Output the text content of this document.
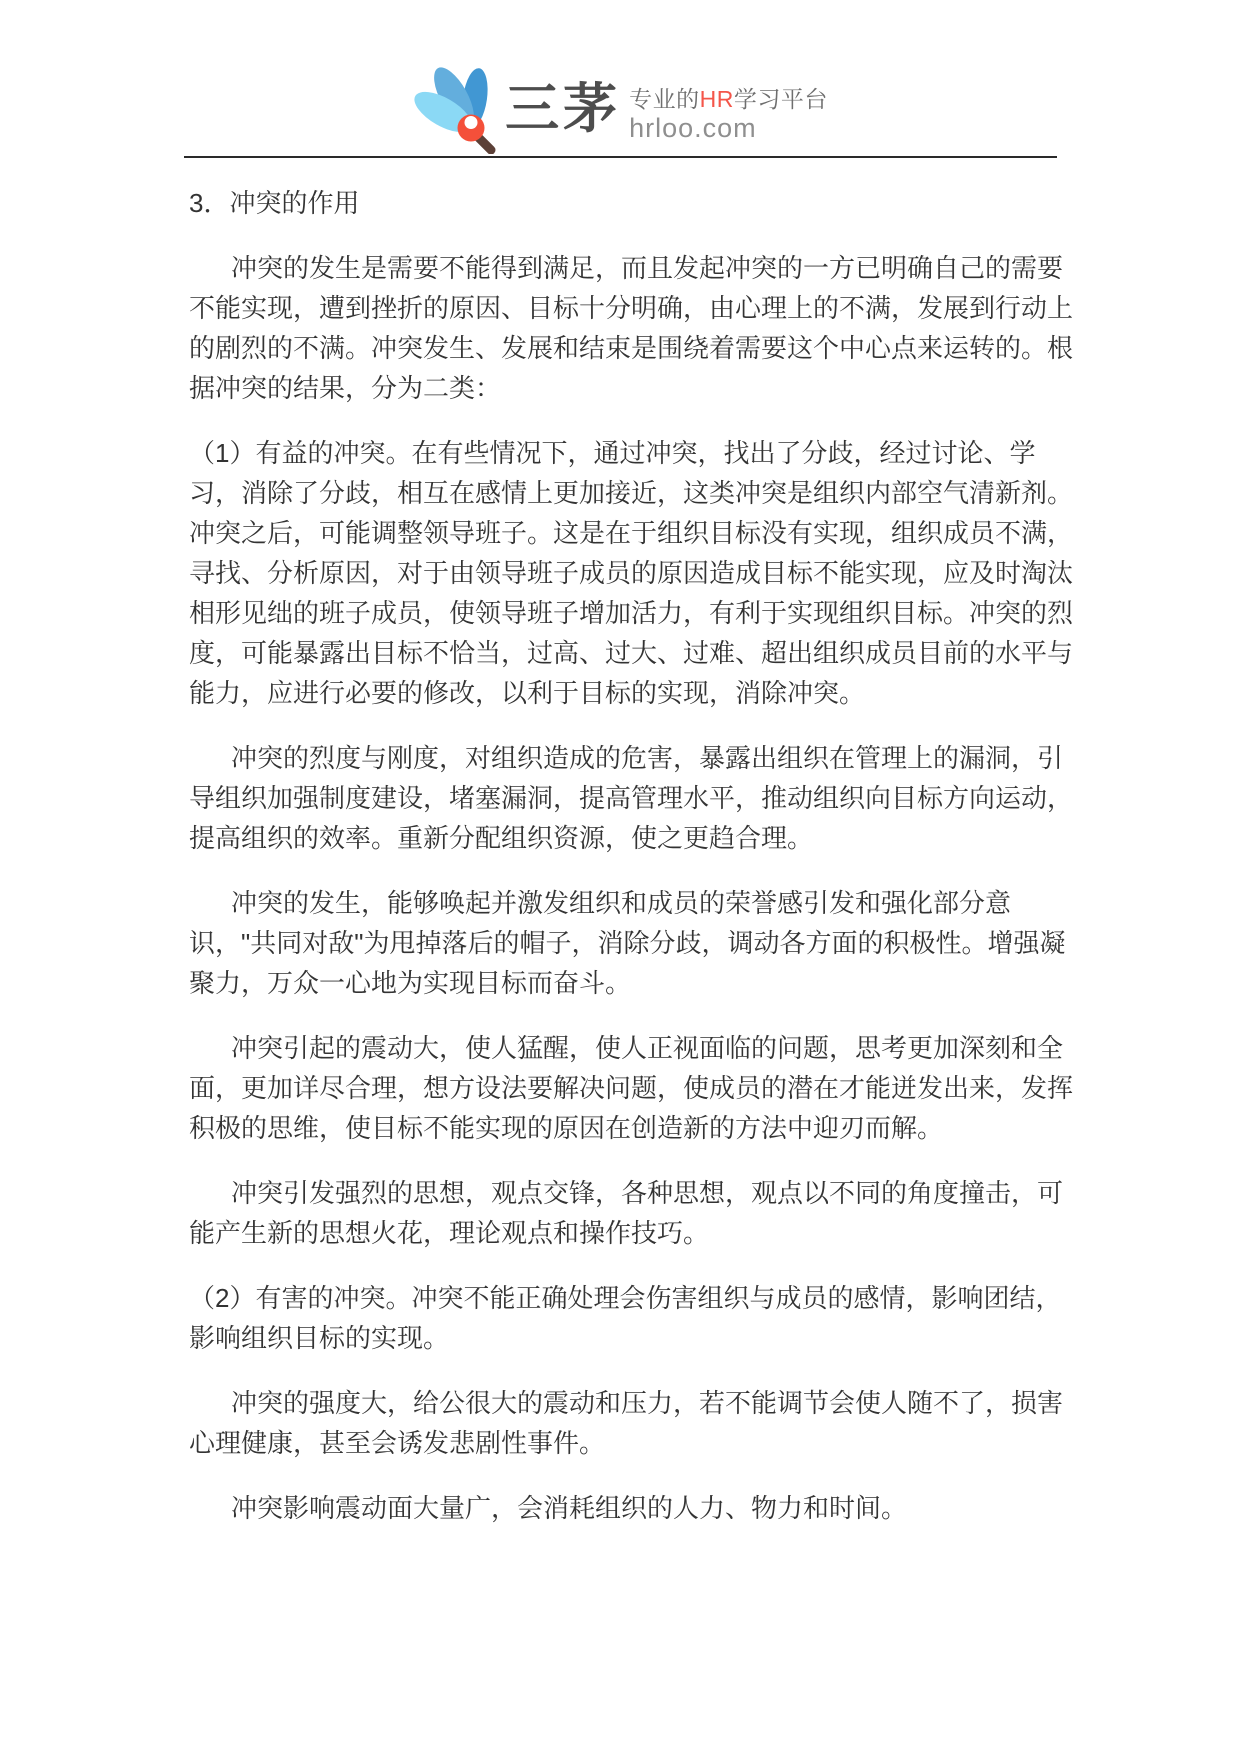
三茅 专业的HR学习平台
hrloo.com
3．冲突的作用

冲突的发生是需要不能得到满足，而且发起冲突的一方已明确自己的需要不能实现，遭到挫折的原因、目标十分明确，由心理上的不满，发展到行动上的剧烈的不满。冲突发生、发展和结束是围绕着需要这个中心点来运转的。根据冲突的结果，分为二类：

（1）有益的冲突。在有些情况下，通过冲突，找出了分歧，经过讨论、学习，消除了分歧，相互在感情上更加接近，这类冲突是组织内部空气清新剂。冲突之后，可能调整领导班子。这是在于组织目标没有实现，组织成员不满，寻找、分析原因，对于由领导班子成员的原因造成目标不能实现，应及时淘汰相形见绌的班子成员，使领导班子增加活力，有利于实现组织目标。冲突的烈度，可能暴露出目标不恰当，过高、过大、过难、超出组织成员目前的水平与能力，应进行必要的修改，以利于目标的实现，消除冲突。

冲突的烈度与刚度，对组织造成的危害，暴露出组织在管理上的漏洞，引导组织加强制度建设，堵塞漏洞，提高管理水平，推动组织向目标方向运动，提高组织的效率。重新分配组织资源，使之更趋合理。

冲突的发生，能够唤起并激发组织和成员的荣誉感引发和强化部分意识，"共同对敌"为甩掉落后的帽子，消除分歧，调动各方面的积极性。增强凝聚力，万众一心地为实现目标而奋斗。

冲突引起的震动大，使人猛醒，使人正视面临的问题，思考更加深刻和全面，更加详尽合理，想方设法要解决问题，使成员的潜在才能迸发出来，发挥积极的思维，使目标不能实现的原因在创造新的方法中迎刃而解。

冲突引发强烈的思想，观点交锋，各种思想，观点以不同的角度撞击，可能产生新的思想火花，理论观点和操作技巧。

（2）有害的冲突。冲突不能正确处理会伤害组织与成员的感情，影响团结，影响组织目标的实现。

冲突的强度大，给公很大的震动和压力，若不能调节会使人随不了，损害心理健康，甚至会诱发悲剧性事件。

冲突影响震动面大量广，会消耗组织的人力、物力和时间。
